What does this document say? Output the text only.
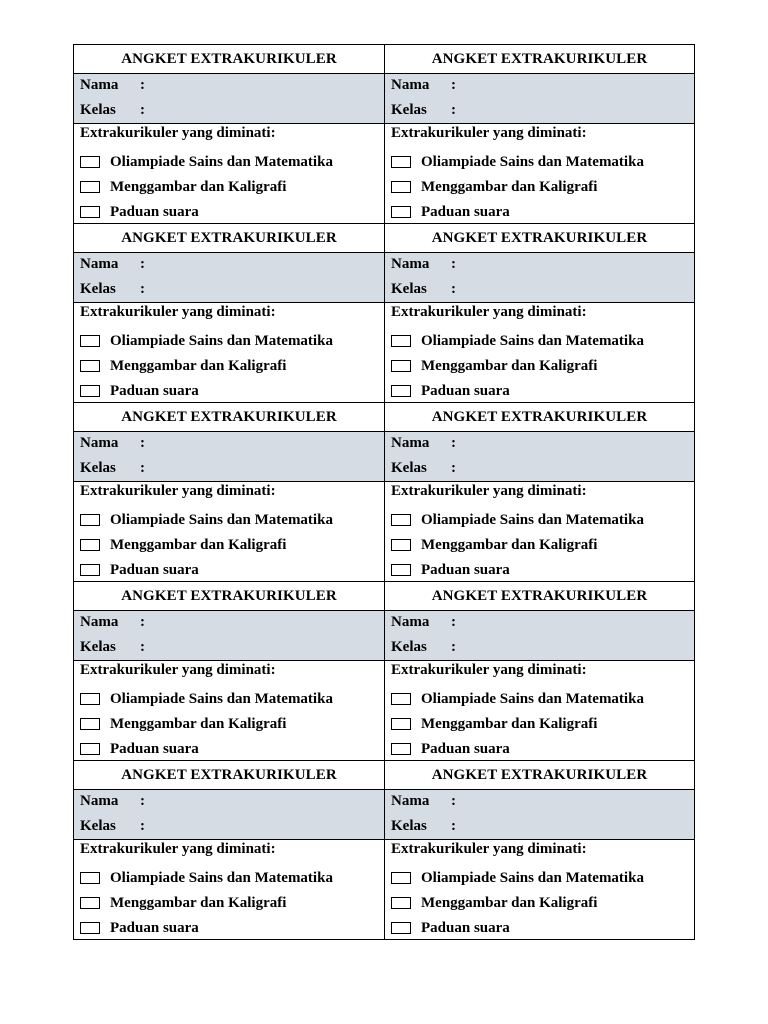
ANGKET EXTRAKURIKULER
Nama	:
Kelas	:
Extrakurikuler yang diminati:
Oliampiade Sains dan Matematika
Menggambar dan Kaligrafi
Paduan suara
ANGKET EXTRAKURIKULER
Nama	:
Kelas	:
Extrakurikuler yang diminati:
Oliampiade Sains dan Matematika
Menggambar dan Kaligrafi
Paduan suara
ANGKET EXTRAKURIKULER
Nama	:
Kelas	:
Extrakurikuler yang diminati:
Oliampiade Sains dan Matematika
Menggambar dan Kaligrafi
Paduan suara
ANGKET EXTRAKURIKULER
Nama	:
Kelas	:
Extrakurikuler yang diminati:
Oliampiade Sains dan Matematika
Menggambar dan Kaligrafi
Paduan suara
ANGKET EXTRAKURIKULER
Nama	:
Kelas	:
Extrakurikuler yang diminati:
Oliampiade Sains dan Matematika
Menggambar dan Kaligrafi
Paduan suara
ANGKET EXTRAKURIKULER
Nama	:
Kelas	:
Extrakurikuler yang diminati:
Oliampiade Sains dan Matematika
Menggambar dan Kaligrafi
Paduan suara
ANGKET EXTRAKURIKULER
Nama	:
Kelas	:
Extrakurikuler yang diminati:
Oliampiade Sains dan Matematika
Menggambar dan Kaligrafi
Paduan suara
ANGKET EXTRAKURIKULER
Nama	:
Kelas	:
Extrakurikuler yang diminati:
Oliampiade Sains dan Matematika
Menggambar dan Kaligrafi
Paduan suara
ANGKET EXTRAKURIKULER
Nama	:
Kelas	:
Extrakurikuler yang diminati:
Oliampiade Sains dan Matematika
Menggambar dan Kaligrafi
Paduan suara
ANGKET EXTRAKURIKULER
Nama	:
Kelas	:
Extrakurikuler yang diminati:
Oliampiade Sains dan Matematika
Menggambar dan Kaligrafi
Paduan suara
